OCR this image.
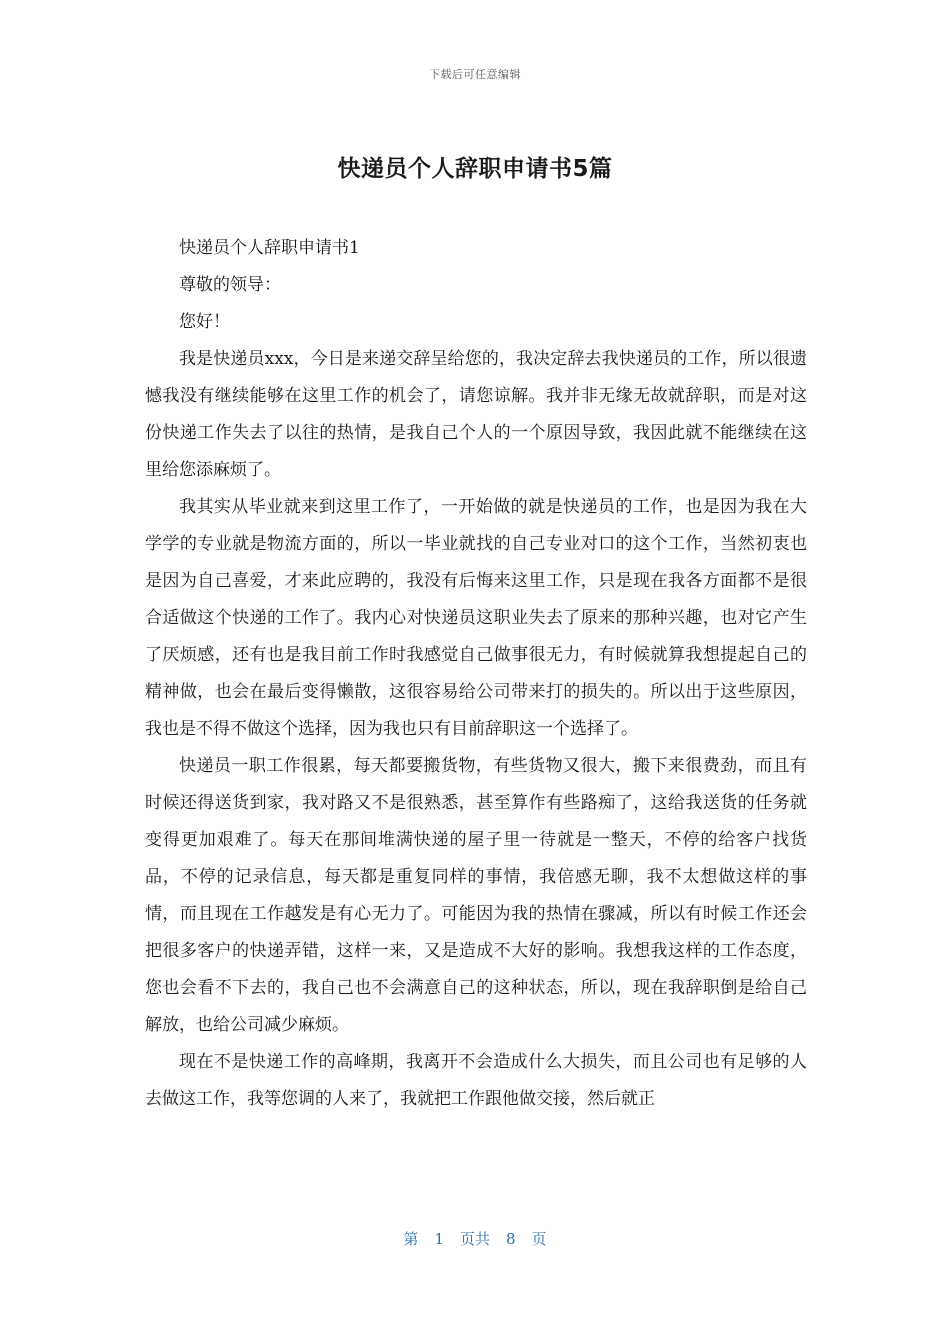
下载后可任意编辑
快递员个人辞职申请书5篇

快递员个人辞职申请书1

尊敬的领导：

您好！

我是快递员xxx，今日是来递交辞呈给您的，我决定辞去我快递员的工作，所以很遗憾我没有继续能够在这里工作的机会了，请您谅解。我并非无缘无故就辞职，而是对这份快递工作失去了以往的热情，是我自己个人的一个原因导致，我因此就不能继续在这里给您添麻烦了。

我其实从毕业就来到这里工作了，一开始做的就是快递员的工作，也是因为我在大学学的专业就是物流方面的，所以一毕业就找的自己专业对口的这个工作，当然初衷也是因为自己喜爱，才来此应聘的，我没有后悔来这里工作，只是现在我各方面都不是很合适做这个快递的工作了。我内心对快递员这职业失去了原来的那种兴趣，也对它产生了厌烦感，还有也是我目前工作时我感觉自己做事很无力，有时候就算我想提起自己的精神做，也会在最后变得懒散，这很容易给公司带来打的损失的。所以出于这些原因，我也是不得不做这个选择，因为我也只有目前辞职这一个选择了。

快递员一职工作很累，每天都要搬货物，有些货物又很大，搬下来很费劲，而且有时候还得送货到家，我对路又不是很熟悉，甚至算作有些路痴了，这给我送货的任务就变得更加艰难了。每天在那间堆满快递的屋子里一待就是一整天，不停的给客户找货品，不停的记录信息，每天都是重复同样的事情，我倍感无聊，我不太想做这样的事情，而且现在工作越发是有心无力了。可能因为我的热情在骤减，所以有时候工作还会把很多客户的快递弄错，这样一来，又是造成不大好的影响。我想我这样的工作态度，您也会看不下去的，我自己也不会满意自己的这种状态，所以，现在我辞职倒是给自己解放，也给公司减少麻烦。

现在不是快递工作的高峰期，我离开不会造成什么大损失，而且公司也有足够的人去做这工作，我等您调的人来了，我就把工作跟他做交接，然后就正

第 1 页共 8 页
